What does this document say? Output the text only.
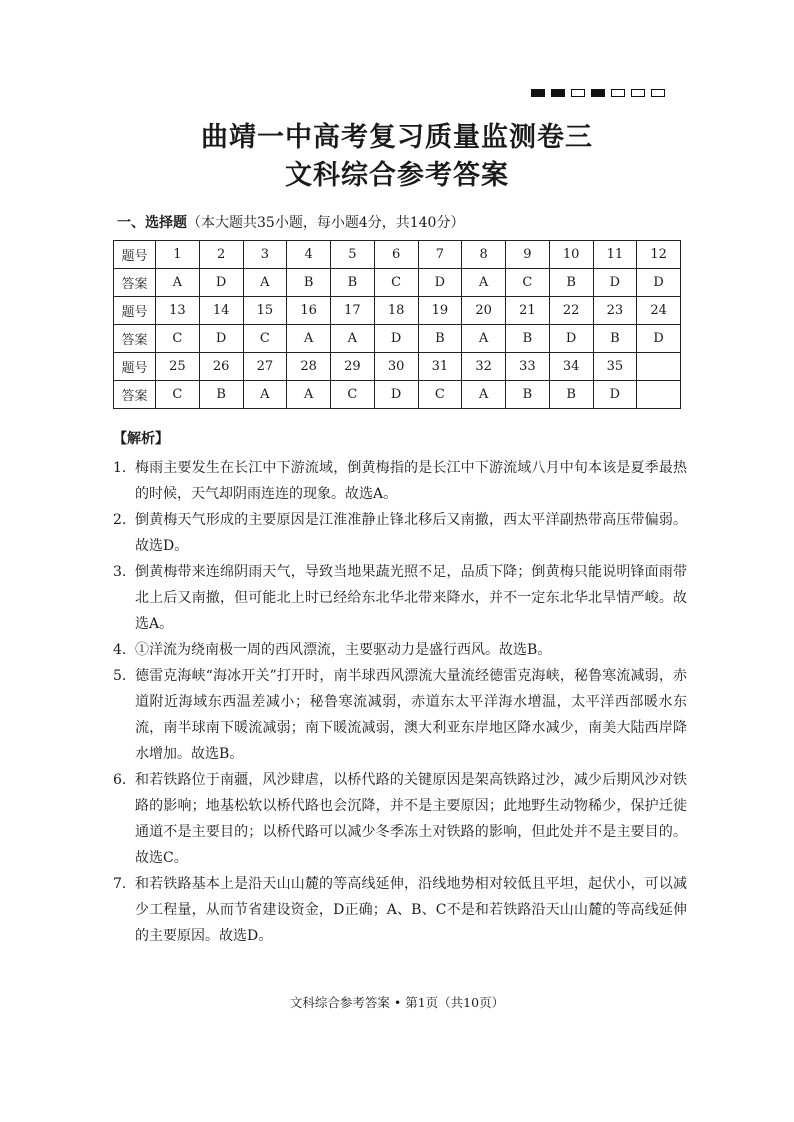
曲靖一中高考复习质量监测卷三
文科综合参考答案
一、选择题（本大题共35小题，每小题4分，共140分）
题号	1	2	3	4	5	6	7	8	9	10	11	12
答案	A	D	A	B	B	C	D	A	C	B	D	D
题号	13	14	15	16	17	18	19	20	21	22	23	24
答案	C	D	C	A	A	D	B	A	B	D	B	D
题号	25	26	27	28	29	30	31	32	33	34	35	
答案	C	B	A	A	C	D	C	A	B	B	D	
【解析】
1. 梅雨主要发生在长江中下游流域，倒黄梅指的是长江中下游流域八月中旬本该是夏季最热的时候，天气却阴雨连连的现象。故选A。
2. 倒黄梅天气形成的主要原因是江淮准静止锋北移后又南撤，西太平洋副热带高压带偏弱。故选D。
3. 倒黄梅带来连绵阴雨天气，导致当地果蔬光照不足，品质下降；倒黄梅只能说明锋面雨带北上后又南撤，但可能北上时已经给东北华北带来降水，并不一定东北华北旱情严峻。故选A。
4. ①洋流为绕南极一周的西风漂流，主要驱动力是盛行西风。故选B。
5. 德雷克海峡“海冰开关”打开时，南半球西风漂流大量流经德雷克海峡，秘鲁寒流减弱，赤道附近海域东西温差减小；秘鲁寒流减弱，赤道东太平洋海水增温，太平洋西部暖水东流，南半球南下暖流减弱；南下暖流减弱，澳大利亚东岸地区降水减少，南美大陆西岸降水增加。故选B。
6. 和若铁路位于南疆，风沙肆虐，以桥代路的关键原因是架高铁路过沙，减少后期风沙对铁路的影响；地基松软以桥代路也会沉降，并不是主要原因；此地野生动物稀少，保护迁徙通道不是主要目的；以桥代路可以减少冬季冻土对铁路的影响，但此处并不是主要目的。故选C。
7. 和若铁路基本上是沿天山山麓的等高线延伸，沿线地势相对较低且平坦，起伏小，可以减少工程量，从而节省建设资金，D正确；A、B、C不是和若铁路沿天山山麓的等高线延伸的主要原因。故选D。
文科综合参考答案 • 第1页（共10页）
